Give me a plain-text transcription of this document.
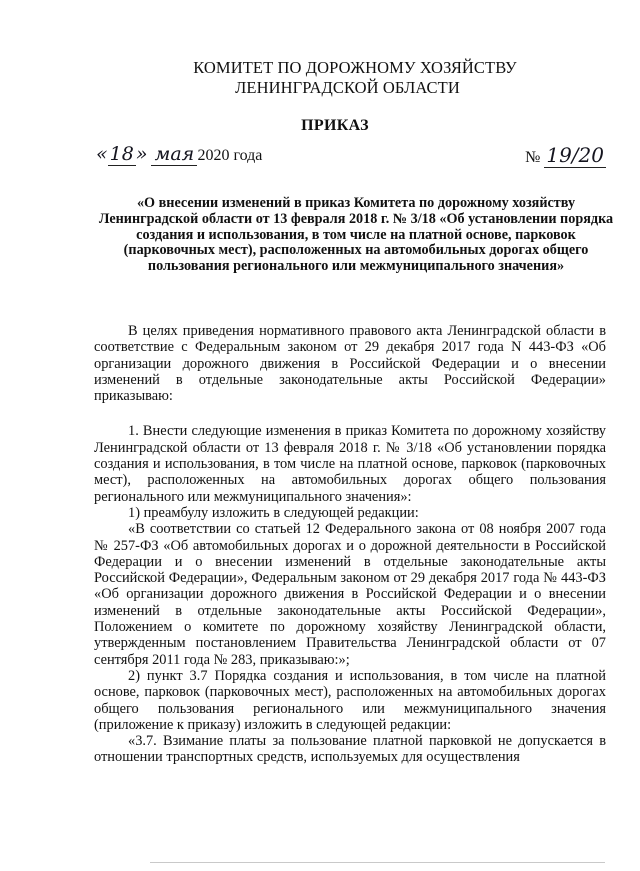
КОМИТЕТ ПО ДОРОЖНОМУ ХОЗЯЙСТВУ
ЛЕНИНГРАДСКОЙ ОБЛАСТИ
ПРИКАЗ
« 18 » мая 2020 года	№ 19/20
«О внесении изменений в приказ Комитета по дорожному хозяйству Ленинградской области от 13 февраля 2018 г. № 3/18 «Об установлении порядка создания и использования, в том числе на платной основе, парковок (парковочных мест), расположенных на автомобильных дорогах общего пользования регионального или межмуниципального значения»

В целях приведения нормативного правового акта Ленинградской области в соответствие с Федеральным законом от 29 декабря 2017 года N 443-ФЗ «Об организации дорожного движения в Российской Федерации и о внесении изменений в отдельные законодательные акты Российской Федерации» приказываю:

1. Внести следующие изменения в приказ Комитета по дорожному хозяйству Ленинградской области от 13 февраля 2018 г. № 3/18 «Об установлении порядка создания и использования, в том числе на платной основе, парковок (парковочных мест), расположенных на автомобильных дорогах общего пользования регионального или межмуниципального значения»:

1) преамбулу изложить в следующей редакции:

«В соответствии со статьей 12 Федерального закона от 08 ноября 2007 года № 257-ФЗ «Об автомобильных дорогах и о дорожной деятельности в Российской Федерации и о внесении изменений в отдельные законодательные акты Российской Федерации», Федеральным законом от 29 декабря 2017 года № 443-ФЗ «Об организации дорожного движения в Российской Федерации и о внесении изменений в отдельные законодательные акты Российской Федерации», Положением о комитете по дорожному хозяйству Ленинградской области, утвержденным постановлением Правительства Ленинградской области от 07 сентября 2011 года № 283, приказываю:»;

2) пункт 3.7 Порядка создания и использования, в том числе на платной основе, парковок (парковочных мест), расположенных на автомобильных дорогах общего пользования регионального или межмуниципального значения (приложение к приказу) изложить в следующей редакции:

«3.7. Взимание платы за пользование платной парковкой не допускается в отношении транспортных средств, используемых для осуществления
